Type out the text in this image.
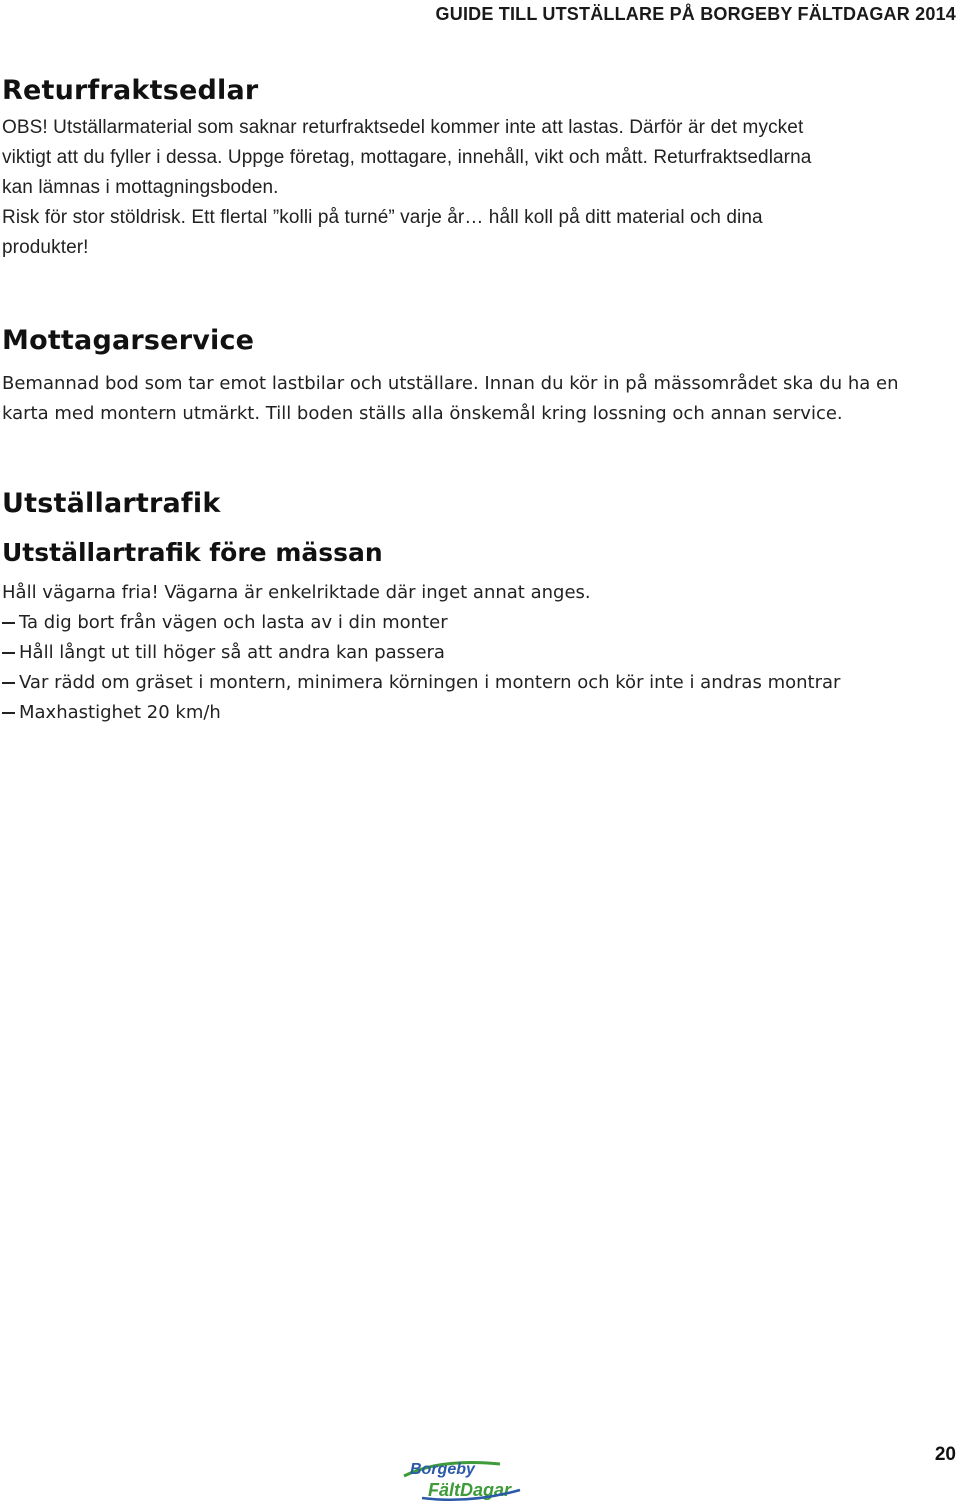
GUIDE TILL UTSTÄLLARE PÅ BORGEBY FÄLTDAGAR 2014
Returfraktsedlar

OBS! Utställarmaterial som saknar returfraktsedel kommer inte att lastas. Därför är det mycket

viktigt att du fyller i dessa. Uppge företag, mottagare, innehåll, vikt och mått. Returfraktsedlarna

kan lämnas i mottagningsboden.

Risk för stor stöldrisk. Ett flertal ”kolli på turné” varje år… håll koll på ditt material och dina

produkter!

Mottagarservice

Bemannad bod som tar emot lastbilar och utställare. Innan du kör in på mässområdet ska du ha en

karta med montern utmärkt. Till boden ställs alla önskemål kring lossning och annan service.

Utställartrafik
Utställartrafik före mässan

Håll vägarna fria! Vägarna är enkelriktade där inget annat anges.

Ta dig bort från vägen och lasta av i din monter
Håll långt ut till höger så att andra kan passera
Var rädd om gräset i montern, minimera körningen i montern och kör inte i andras montrar
Maxhastighet 20 km/h
20
Borgeby
FältDagar
